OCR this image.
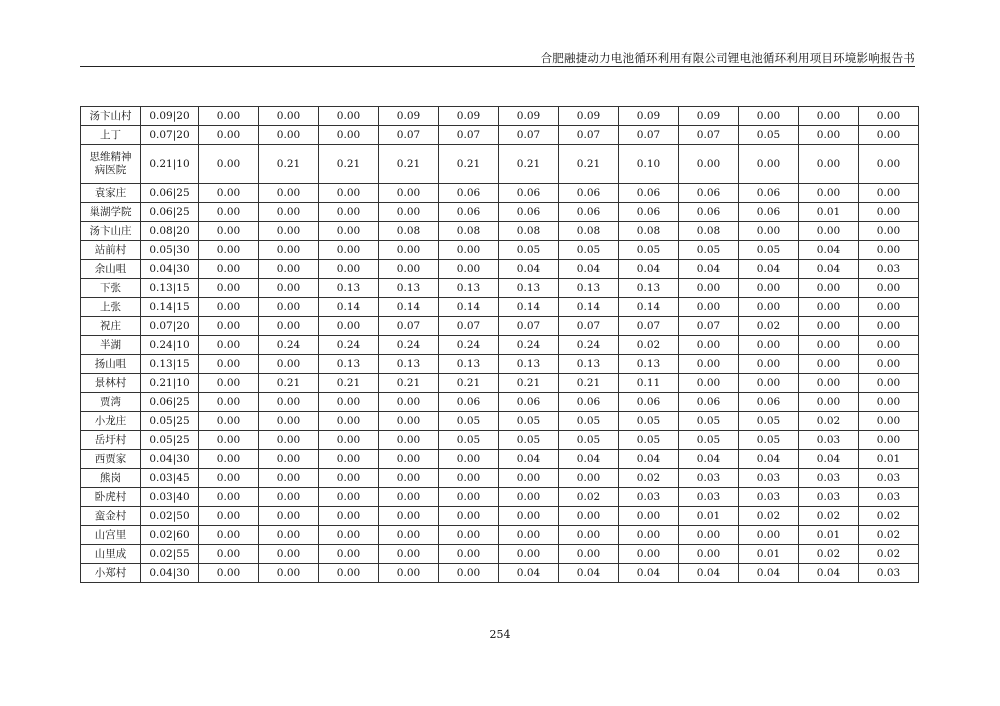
合肥融捷动力电池循环利用有限公司锂电池循环利用项目环境影响报告书
汤卞山村	0.09|20	0.00	0.00	0.00	0.09	0.09	0.09	0.09	0.09	0.09	0.00	0.00	0.00
上丁	0.07|20	0.00	0.00	0.00	0.07	0.07	0.07	0.07	0.07	0.07	0.05	0.00	0.00
思维精神病医院	0.21|10	0.00	0.21	0.21	0.21	0.21	0.21	0.21	0.10	0.00	0.00	0.00	0.00
袁家庄	0.06|25	0.00	0.00	0.00	0.00	0.06	0.06	0.06	0.06	0.06	0.06	0.00	0.00
巢湖学院	0.06|25	0.00	0.00	0.00	0.00	0.06	0.06	0.06	0.06	0.06	0.06	0.01	0.00
汤卞山庄	0.08|20	0.00	0.00	0.00	0.08	0.08	0.08	0.08	0.08	0.08	0.00	0.00	0.00
站前村	0.05|30	0.00	0.00	0.00	0.00	0.00	0.05	0.05	0.05	0.05	0.05	0.04	0.00
余山咀	0.04|30	0.00	0.00	0.00	0.00	0.00	0.04	0.04	0.04	0.04	0.04	0.04	0.03
下张	0.13|15	0.00	0.00	0.13	0.13	0.13	0.13	0.13	0.13	0.00	0.00	0.00	0.00
上张	0.14|15	0.00	0.00	0.14	0.14	0.14	0.14	0.14	0.14	0.00	0.00	0.00	0.00
祝庄	0.07|20	0.00	0.00	0.00	0.07	0.07	0.07	0.07	0.07	0.07	0.02	0.00	0.00
半湖	0.24|10	0.00	0.24	0.24	0.24	0.24	0.24	0.24	0.02	0.00	0.00	0.00	0.00
扬山咀	0.13|15	0.00	0.00	0.13	0.13	0.13	0.13	0.13	0.13	0.00	0.00	0.00	0.00
景林村	0.21|10	0.00	0.21	0.21	0.21	0.21	0.21	0.21	0.11	0.00	0.00	0.00	0.00
贾湾	0.06|25	0.00	0.00	0.00	0.00	0.06	0.06	0.06	0.06	0.06	0.06	0.00	0.00
小龙庄	0.05|25	0.00	0.00	0.00	0.00	0.05	0.05	0.05	0.05	0.05	0.05	0.02	0.00
岳圩村	0.05|25	0.00	0.00	0.00	0.00	0.05	0.05	0.05	0.05	0.05	0.05	0.03	0.00
西贾家	0.04|30	0.00	0.00	0.00	0.00	0.00	0.04	0.04	0.04	0.04	0.04	0.04	0.01
熊岗	0.03|45	0.00	0.00	0.00	0.00	0.00	0.00	0.00	0.02	0.03	0.03	0.03	0.03
卧虎村	0.03|40	0.00	0.00	0.00	0.00	0.00	0.00	0.02	0.03	0.03	0.03	0.03	0.03
蛮金村	0.02|50	0.00	0.00	0.00	0.00	0.00	0.00	0.00	0.00	0.01	0.02	0.02	0.02
山宫里	0.02|60	0.00	0.00	0.00	0.00	0.00	0.00	0.00	0.00	0.00	0.00	0.01	0.02
山里成	0.02|55	0.00	0.00	0.00	0.00	0.00	0.00	0.00	0.00	0.00	0.01	0.02	0.02
小郑村	0.04|30	0.00	0.00	0.00	0.00	0.00	0.04	0.04	0.04	0.04	0.04	0.04	0.03
254
